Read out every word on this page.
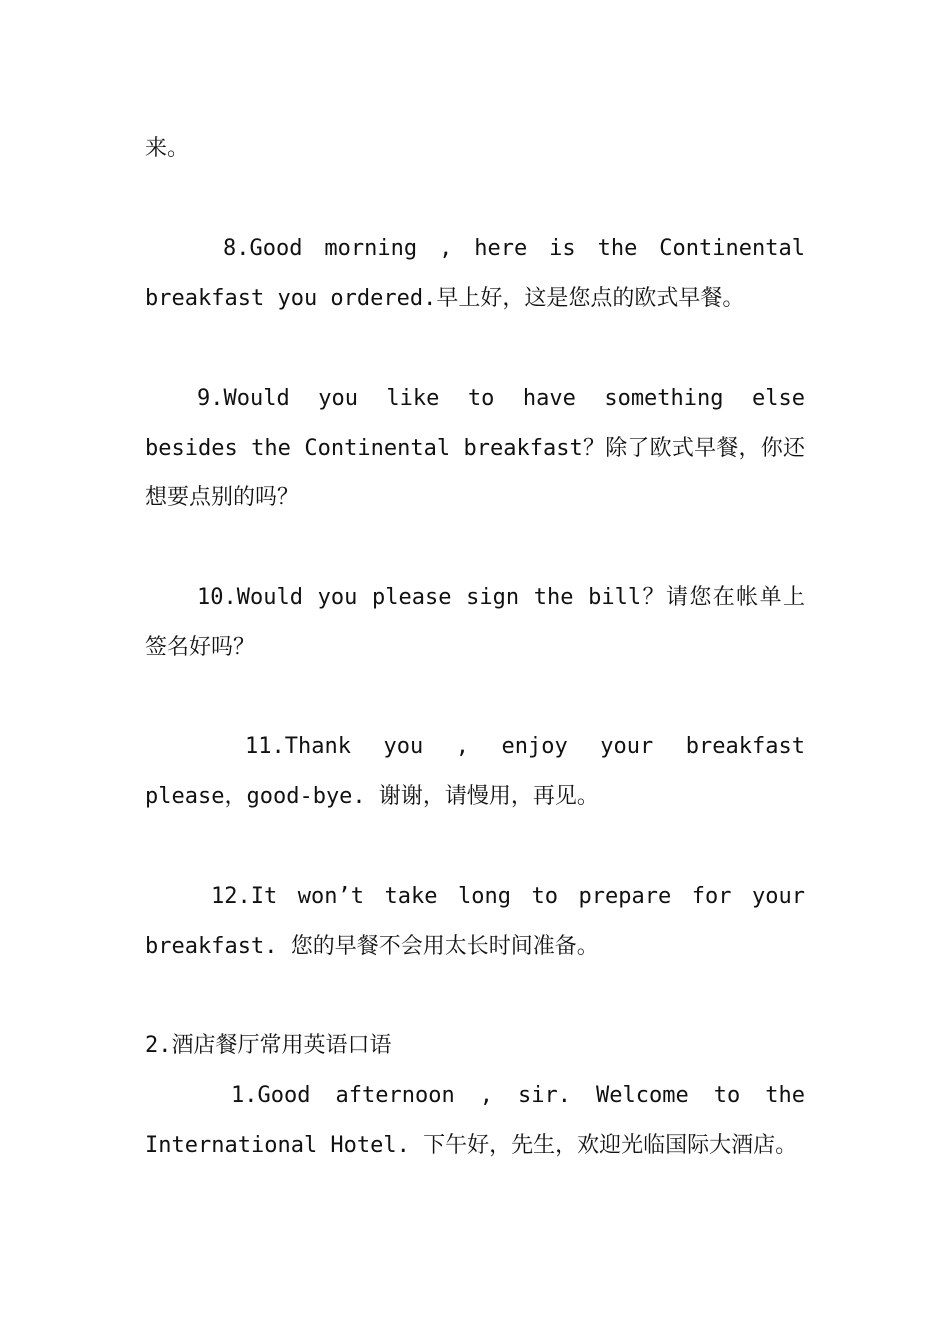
来。
8.Good morning , here is the Continental breakfast you ordered.早上好，这是您点的欧式早餐。
9.Would you like to have something else besides the Continental breakfast？除了欧式早餐，你还想要点别的吗？
10.Would you please sign the bill？请您在帐单上签名好吗？
11.Thank you , enjoy your breakfast please，good-bye. 谢谢，请慢用，再见。
12.It won’t take long to prepare for your breakfast. 您的早餐不会用太长时间准备。
2.酒店餐厅常用英语口语
1.Good afternoon , sir. Welcome to the International Hotel. 下午好，先生，欢迎光临国际大酒店。
